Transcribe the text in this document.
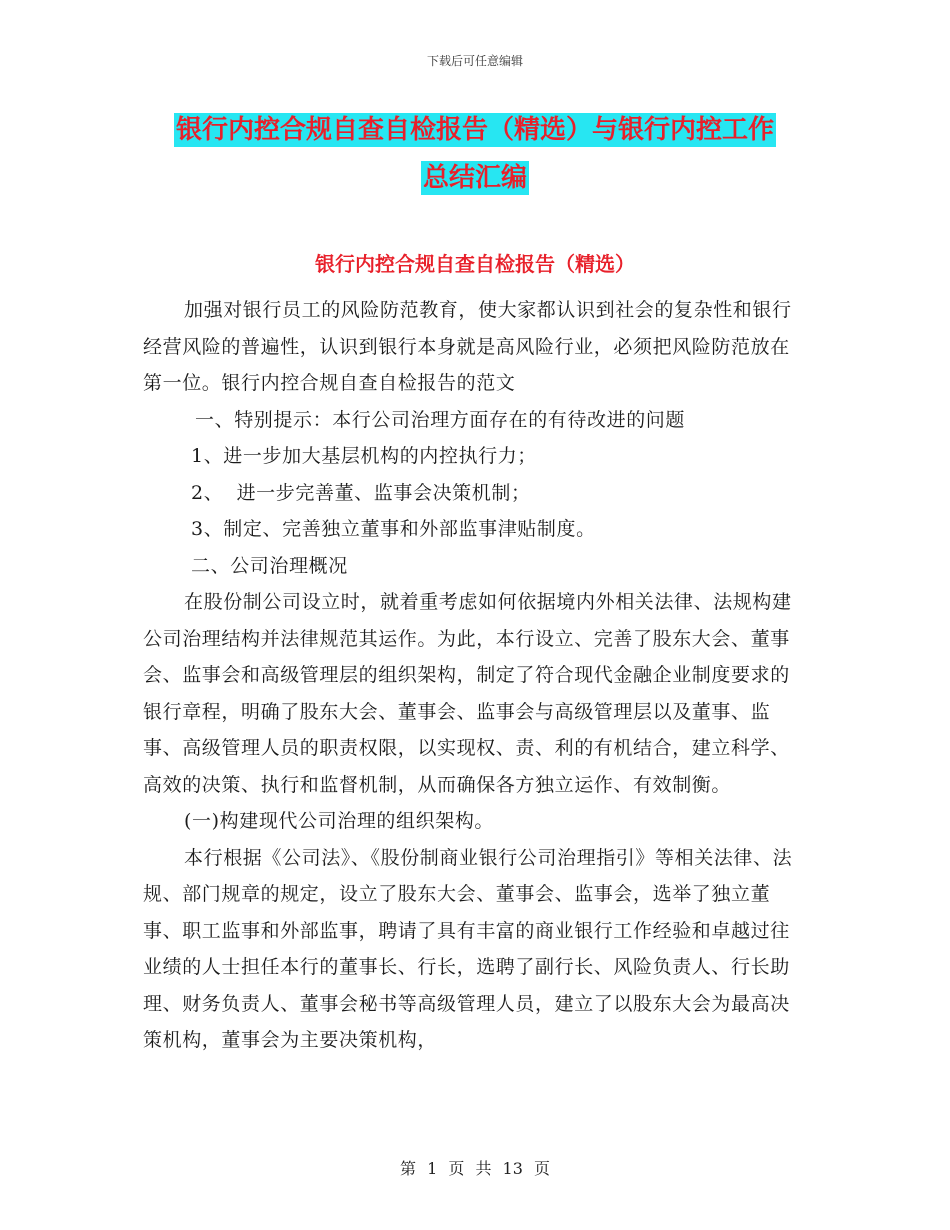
下载后可任意编辑
银行内控合规自查自检报告（精选）与银行内控工作
总结汇编
银行内控合规自查自检报告（精选）

加强对银行员工的风险防范教育，使大家都认识到社会的复杂性和银行经营风险的普遍性，认识到银行本身就是高风险行业，必须把风险防范放在第一位。银行内控合规自查自检报告的范文

一、特别提示：本行公司治理方面存在的有待改进的问题

1、进一步加大基层机构的内控执行力；

2、  进一步完善董、监事会决策机制；

3、制定、完善独立董事和外部监事津贴制度。

二、公司治理概况

在股份制公司设立时，就着重考虑如何依据境内外相关法律、法规构建公司治理结构并法律规范其运作。为此，本行设立、完善了股东大会、董事会、监事会和高级管理层的组织架构，制定了符合现代金融企业制度要求的银行章程，明确了股东大会、董事会、监事会与高级管理层以及董事、监事、高级管理人员的职责权限，以实现权、责、利的有机结合，建立科学、高效的决策、执行和监督机制，从而确保各方独立运作、有效制衡。

(一)构建现代公司治理的组织架构。

本行根据《公司法》、《股份制商业银行公司治理指引》等相关法律、法规、部门规章的规定，设立了股东大会、董事会、监事会，选举了独立董事、职工监事和外部监事，聘请了具有丰富的商业银行工作经验和卓越过往业绩的人士担任本行的董事长、行长，选聘了副行长、风险负责人、行长助理、财务负责人、董事会秘书等高级管理人员，建立了以股东大会为最高决策机构，董事会为主要决策机构，

第 1 页 共 13 页
